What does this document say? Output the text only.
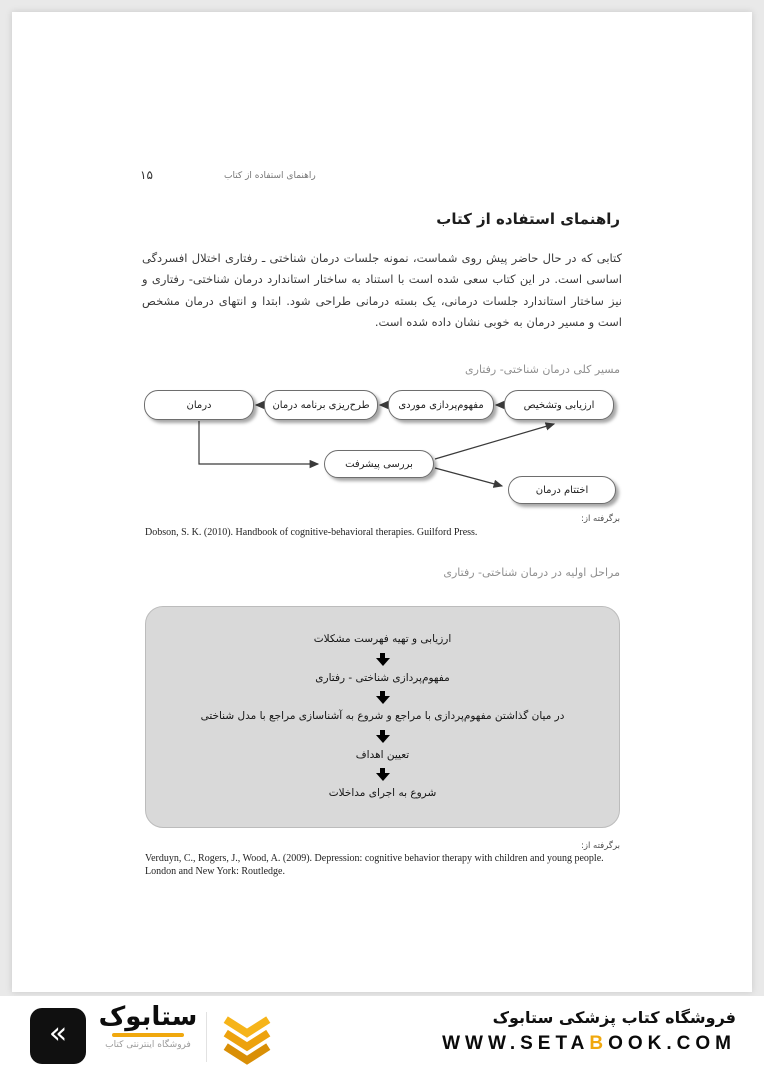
۱۵	راهنمای استفاده از کتاب
راهنمای استفاده از کتاب
کتابی که در حال حاضر پیش روی شماست، نمونه جلسات درمان شناختی ـ رفتاری اختلال افسردگی اساسی است. در این کتاب سعی شده است با استناد به ساختار استاندارد درمان شناختی- رفتاری و نیز ساختار استاندارد جلسات درمانی، یک بسته درمانی طراحی شود. ابتدا و انتهای درمان مشخص است و مسیر درمان به خوبی نشان داده شده است.
مسیر کلی درمان شناختی- رفتاری
درمان	طرح‌ریزی برنامه درمان	مفهوم‌پردازی موردی	ارزیابی وتشخیص
بررسی پیشرفت
اختتام درمان
برگرفته از:
Dobson, S. K. (2010). Handbook of cognitive-behavioral therapies. Guilford Press.
مراحل اولیه در درمان شناختی- رفتاری
ارزیابی و تهیه فهرست مشکلات
مفهوم‌پردازی شناختی - رفتاری
در میان گذاشتن مفهوم‌پردازی با مراجع و شروع به آشناسازی مراجع با مدل شناختی
تعیین اهداف
شروع به اجرای مداخلات
برگرفته از:
Verduyn, C., Rogers, J., Wood, A. (2009). Depression: cognitive behavior therapy with children and young people. London and New York: Routledge.
« ستابوک
فروشگاه اینترنتی کتاب
فروشگاه کتاب پزشکی ستابوک
WWW.SETABOOK.COM
